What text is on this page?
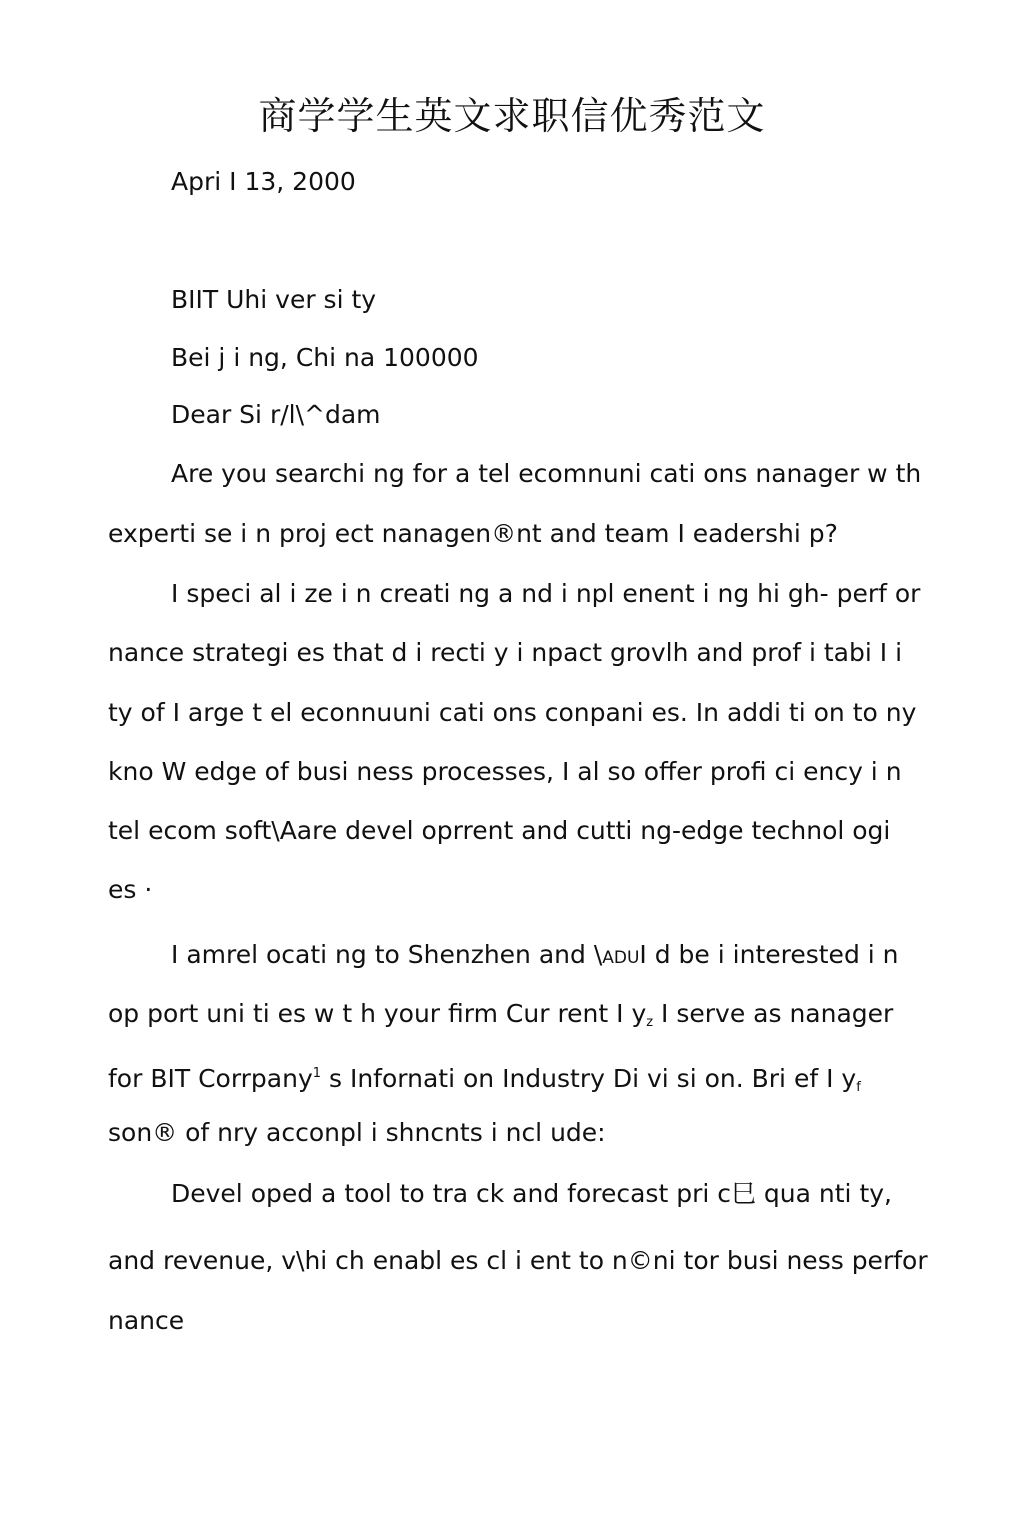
商学学生英文求职信优秀范文
Apri I 13, 2000
BIIT Uhi ver si ty
Bei j i ng, Chi na 100000
Dear Si r/l\^dam
Are you searchi ng for a tel ecomnuni cati ons nanager w th
experti se i n proj ect nanagen®nt and team I eadershi p?
I speci al i ze i n creati ng a nd i npl enent i ng hi gh- perf or
nance strategi es that d i recti y i npact grovlh and prof i tabi I i
ty of I arge t el econnuuni cati ons conpani es. In addi ti on to ny
kno W edge of busi ness processes, I al so offer profi ci ency i n
tel ecom soft\Aare devel oprrent and cutti ng-edge technol ogi
es ·
I amrel ocati ng to Shenzhen and \ADUI d be i interested i n
op port uni ti es w t h your firm Cur rent I $y_z$ I serve as nanager
for BIT Corrpany$^1$ s Infornati on Industry Di vi si on. Bri ef I $y_f$
son® of nry acconpl i shncnts i ncl ude:
Devel oped a tool to tra ck and forecast pri c巳 qua nti ty,
and revenue, v\hi ch enabl es cl i ent to n©ni tor busi ness perfor
nance
